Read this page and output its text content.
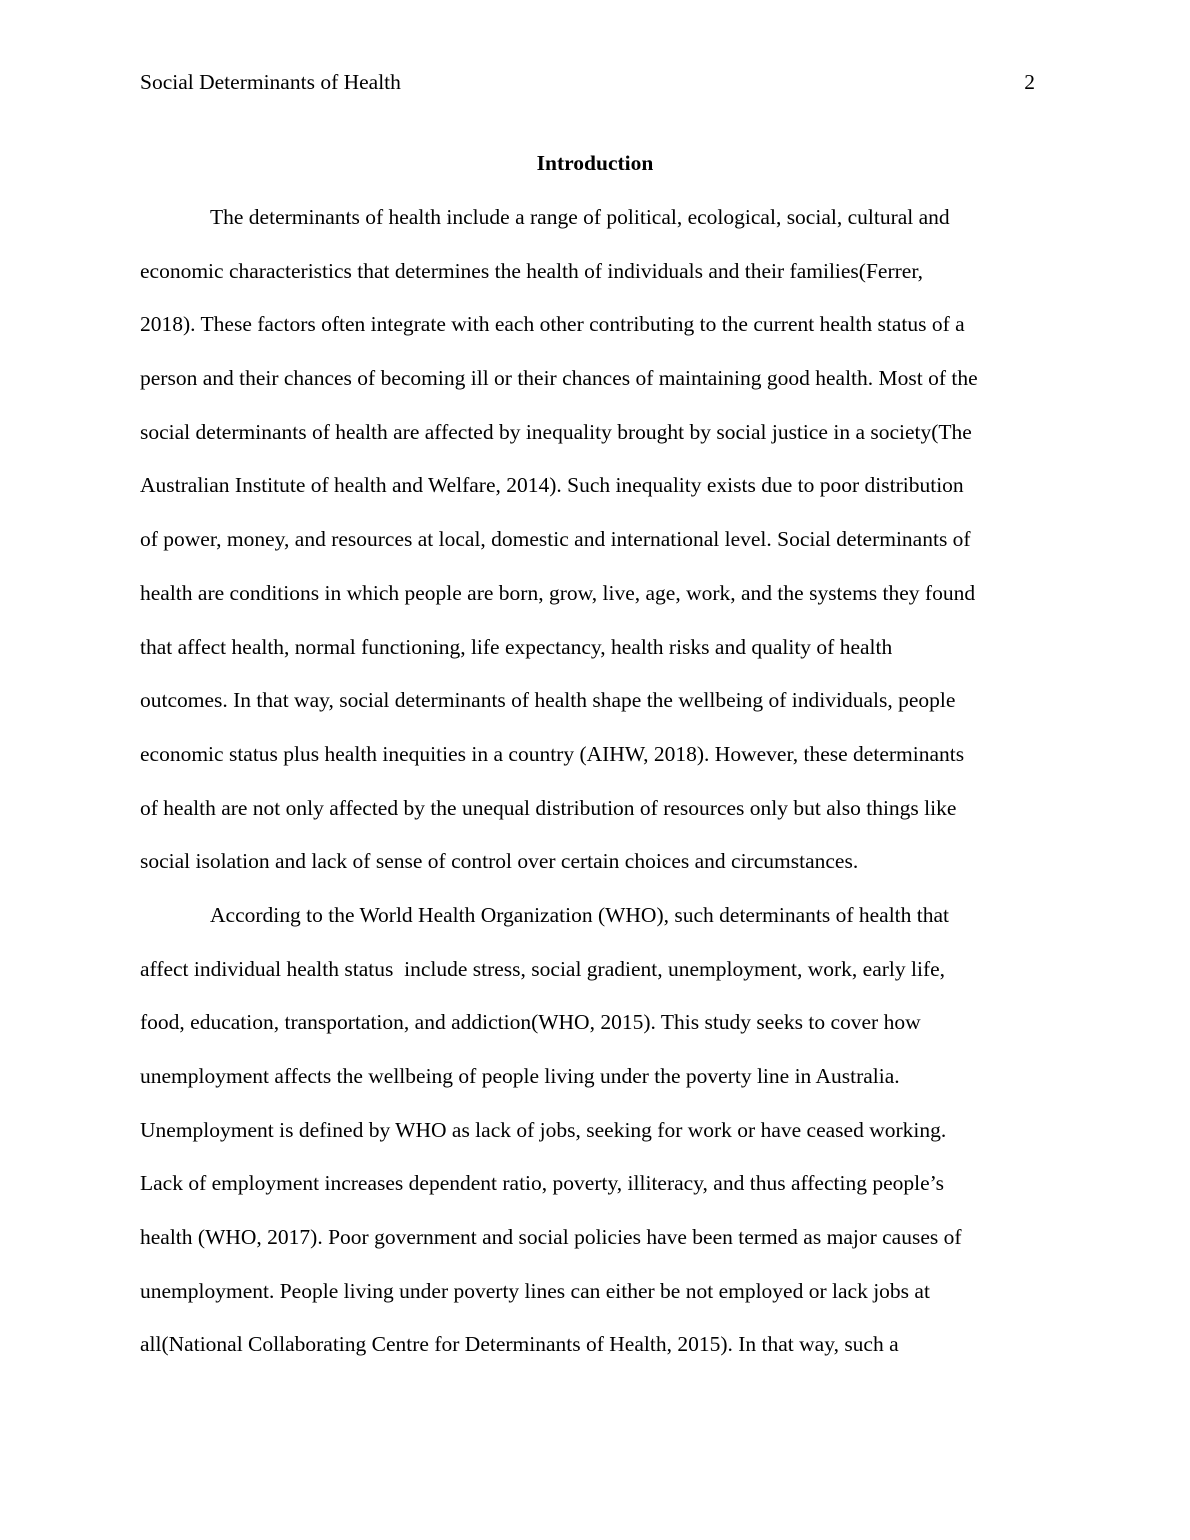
Social Determinants of Health	2
Introduction
The determinants of health include a range of political, ecological, social, cultural and
economic characteristics that determines the health of individuals and their families(Ferrer,
2018). These factors often integrate with each other contributing to the current health status of a
person and their chances of becoming ill or their chances of maintaining good health. Most of the
social determinants of health are affected by inequality brought by social justice in a society(The
Australian Institute of health and Welfare, 2014). Such inequality exists due to poor distribution
of power, money, and resources at local, domestic and international level. Social determinants of
health are conditions in which people are born, grow, live, age, work, and the systems they found
that affect health, normal functioning, life expectancy, health risks and quality of health
outcomes. In that way, social determinants of health shape the wellbeing of individuals, people
economic status plus health inequities in a country (AIHW, 2018). However, these determinants
of health are not only affected by the unequal distribution of resources only but also things like
social isolation and lack of sense of control over certain choices and circumstances.
According to the World Health Organization (WHO), such determinants of health that
affect individual health status  include stress, social gradient, unemployment, work, early life,
food, education, transportation, and addiction(WHO, 2015). This study seeks to cover how
unemployment affects the wellbeing of people living under the poverty line in Australia.
Unemployment is defined by WHO as lack of jobs, seeking for work or have ceased working.
Lack of employment increases dependent ratio, poverty, illiteracy, and thus affecting people’s
health (WHO, 2017). Poor government and social policies have been termed as major causes of
unemployment. People living under poverty lines can either be not employed or lack jobs at
all(National Collaborating Centre for Determinants of Health, 2015). In that way, such a
